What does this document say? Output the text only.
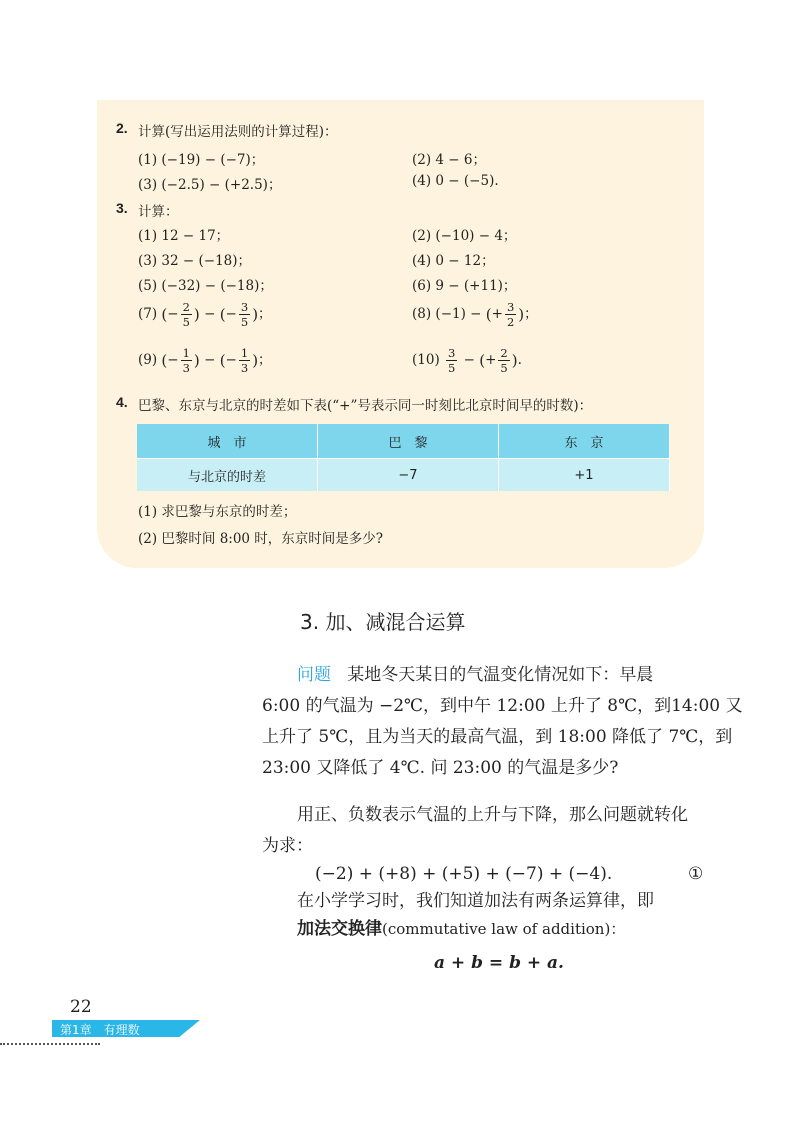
2. 计算(写出运用法则的计算过程)：
(1) (−19) − (−7)；	(2) 4 − 6；
(3) (−2.5) − (+2.5)；	(4) 0 − (−5).
3. 计算：
(1) 12 − 17；	(2) (−10) − 4；
(3) 32 − (−18)；	(4) 0 − 12；
(5) (−32) − (−18)；	(6) 9 − (+11)；
(7) (− $\frac{2}{5}$ ) − (− $\frac{3}{5}$ )；	(8) (−1) − (+ $\frac{3}{2}$ )；
(9) (− $\frac{1}{3}$ ) − (− $\frac{1}{3}$ )；	$(10) \frac{3}{5}$ − (+ $\frac{2}{5}$ ).
4. 巴黎、东京与北京的时差如下表(“+”号表示同一时刻比北京时间早的时数)：
城　市	巴　黎	东　京
与北京的时差	−7	+1
(1) 求巴黎与东京的时差；
(2) 巴黎时间 8:00 时，东京时间是多少?
3. 加、减混合运算
问题 某地冬天某日的气温变化情况如下：早晨
6:00 的气温为 −2℃，到中午 12:00 上升了 8℃，到14:00 又
上升了 5℃，且为当天的最高气温，到 18:00 降低了 7℃，到
23:00 又降低了 4℃. 问 23:00 的气温是多少?
用正、负数表示气温的上升与下降，那么问题就转化
为求：
(−2) + (+8) + (+5) + (−7) + (−4).	①
在小学学习时，我们知道加法有两条运算律，即
加法交换律(commutative law of addition)：
a + b = b + a.
22
第1章　有理数
